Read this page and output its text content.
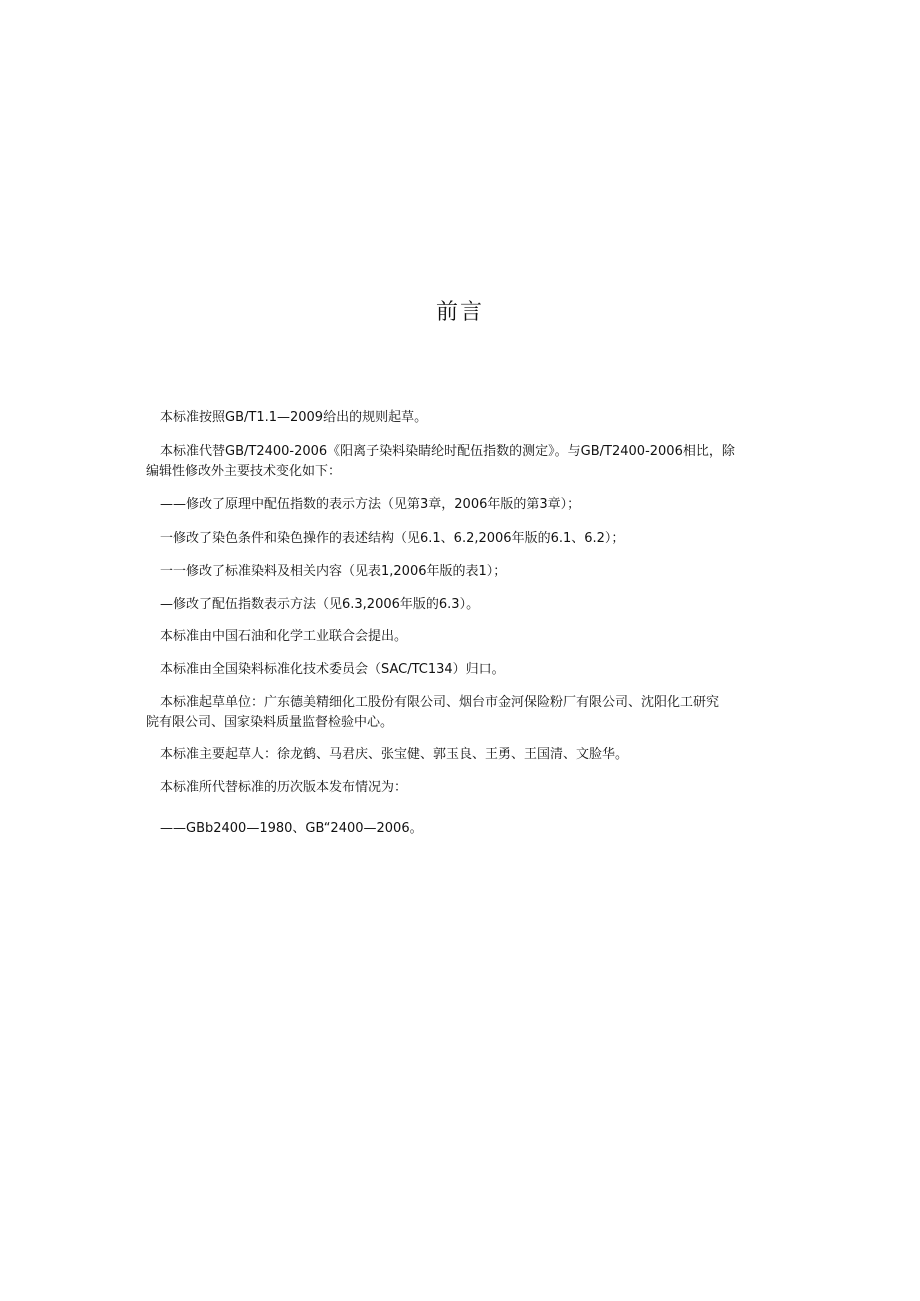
前言
本标准按照GB/T1.1—2009给出的规则起草。
本标准代替GB/T2400-2006《阳离子染料染睛纶时配伍指数的测定》。与GB/T2400-2006相比，除
编辑性修改外主要技术变化如下：
——修改了原理中配伍指数的表示方法（见第3章，2006年版的第3章）；
一修改了染色条件和染色操作的表述结构（见6.1、6.2,2006年版的6.1、6.2）；
一一修改了标准染料及相关内容（见表1,2006年版的表1）；
—修改了配伍指数表示方法（见6.3,2006年版的6.3）。
本标准由中国石油和化学工业联合会提出。
本标准由全国染料标准化技术委员会（SAC/TC134）归口。
本标准起草单位：广东德美精细化工股份有限公司、烟台市金河保险粉厂有限公司、沈阳化工研究
院有限公司、国家染料质量监督检验中心。
本标准主要起草人：徐龙鹤、马君庆、张宝健、郭玉良、王勇、王国清、文脸华。
本标准所代替标准的历次版本发布情况为：
——GBb2400—1980、GB“2400—2006。
